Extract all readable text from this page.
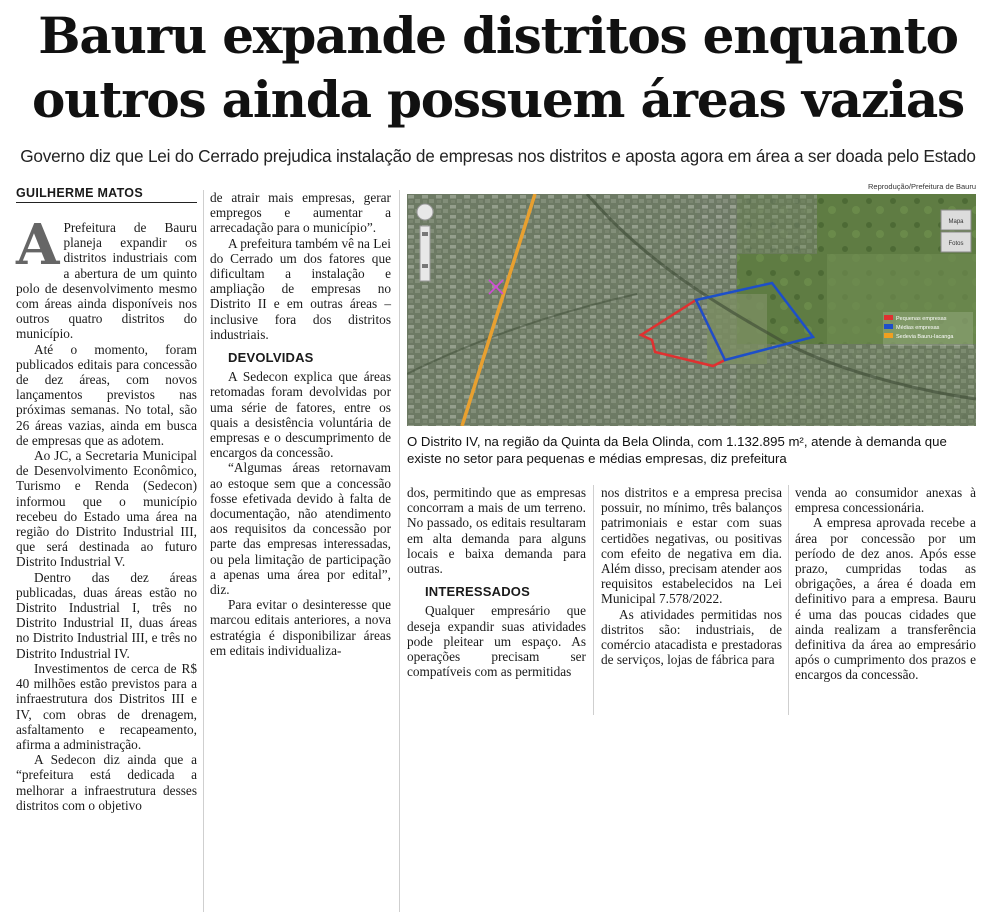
Bauru expande distritos enquanto
outros ainda possuem áreas vazias

Governo diz que Lei do Cerrado prejudica instalação de empresas nos distritos e aposta agora em área a ser doada pelo Estado

GUILHERME MATOS	Reprodução/Prefeitura de Bauru

A Prefeitura de Bauru planeja expandir os distritos industriais com a abertura de um quinto polo de desenvolvimento mesmo com áreas ainda disponíveis nos outros quatro distritos do município.

Até o momento, foram publicados editais para concessão de dez áreas, com novos lançamentos previstos nas próximas semanas. No total, são 26 áreas vazias, ainda em busca de empresas que as adotem.

Ao JC, a Secretaria Municipal de Desenvolvimento Econômico, Turismo e Renda (Sedecon) informou que o município recebeu do Estado uma área na região do Distrito Industrial III, que será destinada ao futuro Distrito Industrial V.

Dentro das dez áreas publicadas, duas áreas estão no Distrito Industrial I, três no Distrito Industrial II, duas áreas no Distrito Industrial III, e três no Distrito Industrial IV.

Investimentos de cerca de R$ 40 milhões estão previstos para a infraestrutura dos Distritos III e IV, com obras de drenagem, asfaltamento e recapeamento, afirma a administração.

A Sedecon diz ainda que a “prefeitura está dedicada a melhorar a infraestrutura desses distritos com o objetivo

de atrair mais empresas, gerar empregos e aumentar a arrecadação para o município”.

A prefeitura também vê na Lei do Cerrado um dos fatores que dificultam a instalação e ampliação de empresas no Distrito II e em outras áreas – inclusive fora dos distritos industriais.

DEVOLVIDAS

A Sedecon explica que áreas retomadas foram devolvidas por uma série de fatores, entre os quais a desistência voluntária de empresas e o descumprimento de encargos da concessão.

“Algumas áreas retornavam ao estoque sem que a concessão fosse efetivada devido à falta de documentação, não atendimento aos requisitos da concessão por parte das empresas interessadas, ou pela limitação de participação a apenas uma área por edital”, diz.

Para evitar o desinteresse que marcou editais anteriores, a nova estratégia é disponibilizar áreas em editais individualiza-

Pequenas empresas
Médias empresas
Sedevia Bauru-Iacanga
Mapa
Fotos

O Distrito IV, na região da Quinta da Bela Olinda, com 1.132.895 m², atende à demanda que existe no setor para pequenas e médias empresas, diz prefeitura

dos, permitindo que as empresas concorram a mais de um terreno. No passado, os editais resultaram em alta demanda para alguns locais e baixa demanda para outras.

INTERESSADOS

Qualquer empresário que deseja expandir suas atividades pode pleitear um espaço. As operações precisam ser compatíveis com as permitidas

nos distritos e a empresa precisa possuir, no mínimo, três balanços patrimoniais e estar com suas certidões negativas, ou positivas com efeito de negativa em dia. Além disso, precisam atender aos requisitos estabelecidos na Lei Municipal 7.578/2022.

As atividades permitidas nos distritos são: industriais, de comércio atacadista e prestadoras de serviços, lojas de fábrica para

venda ao consumidor anexas à empresa concessionária.

A empresa aprovada recebe a área por concessão por um período de dez anos. Após esse prazo, cumpridas todas as obrigações, a área é doada em definitivo para a empresa. Bauru é uma das poucas cidades que ainda realizam a transferência definitiva da área ao empresário após o cumprimento dos prazos e encargos da concessão.
